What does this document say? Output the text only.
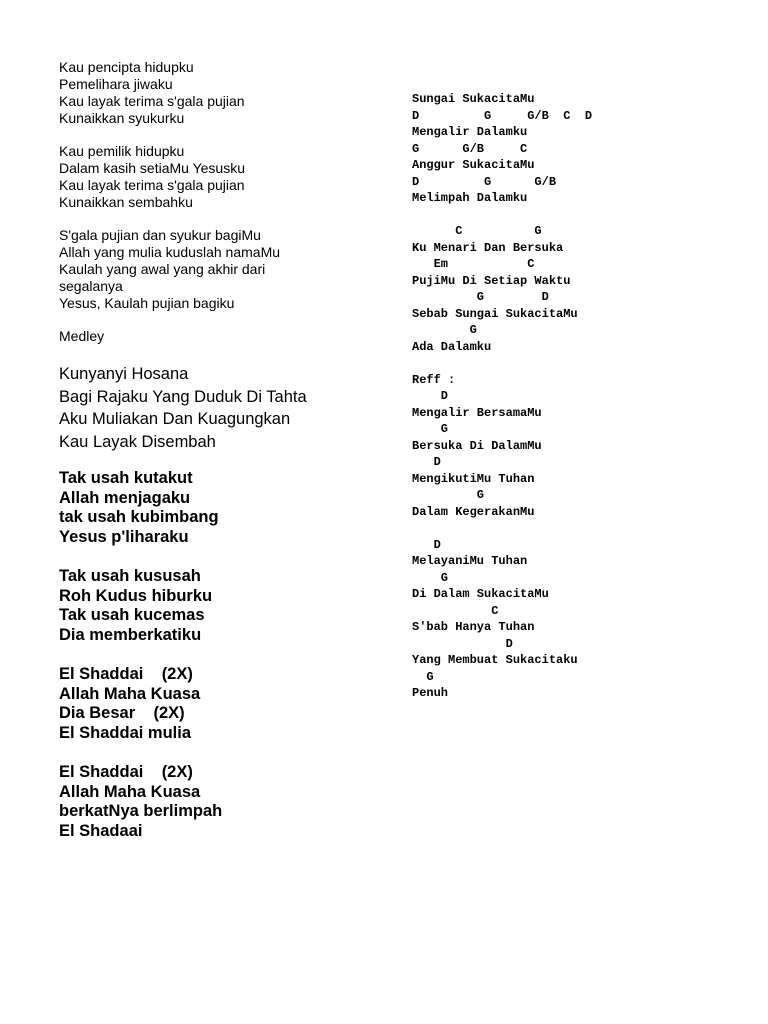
Kau pencipta hidupku
Pemelihara jiwaku
Kau layak terima s'gala pujian
Kunaikkan syukurku
Kau pemilik hidupku
Dalam kasih setiaMu Yesusku
Kau layak terima s'gala pujian
Kunaikkan sembahku
S'gala pujian dan syukur bagiMu
Allah yang mulia kuduslah namaMu
Kaulah yang awal yang akhir dari
segalanya
Yesus, Kaulah pujian bagiku
Medley
Kunyanyi Hosana
Bagi Rajaku Yang Duduk Di Tahta
Aku Muliakan Dan Kuagungkan
Kau Layak Disembah
Tak usah kutakut
Allah menjagaku
tak usah kubimbang
Yesus p'liharaku
Tak usah kususah
Roh Kudus hiburku
Tak usah kucemas
Dia memberkatiku
El Shaddai    (2X)
Allah Maha Kuasa
Dia Besar    (2X)
El Shaddai mulia
El Shaddai    (2X)
Allah Maha Kuasa
berkatNya berlimpah
El Shadaai
Sungai SukacitaMu
D         G     G/B  C  D
Mengalir Dalamku
G      G/B     C
Anggur SukacitaMu
D         G      G/B
Melimpah Dalamku
C          G
Ku Menari Dan Bersuka
Em           C
PujiMu Di Setiap Waktu
G        D
Sebab Sungai SukacitaMu
G
Ada Dalamku
Reff :
D
Mengalir BersamaMu
G
Bersuka Di DalamMu
D
MengikutiMu Tuhan
G
Dalam KegerakanMu
D
MelayaniMu Tuhan
G
Di Dalam SukacitaMu
C
S'bab Hanya Tuhan
D
Yang Membuat Sukacitaku
G
Penuh
